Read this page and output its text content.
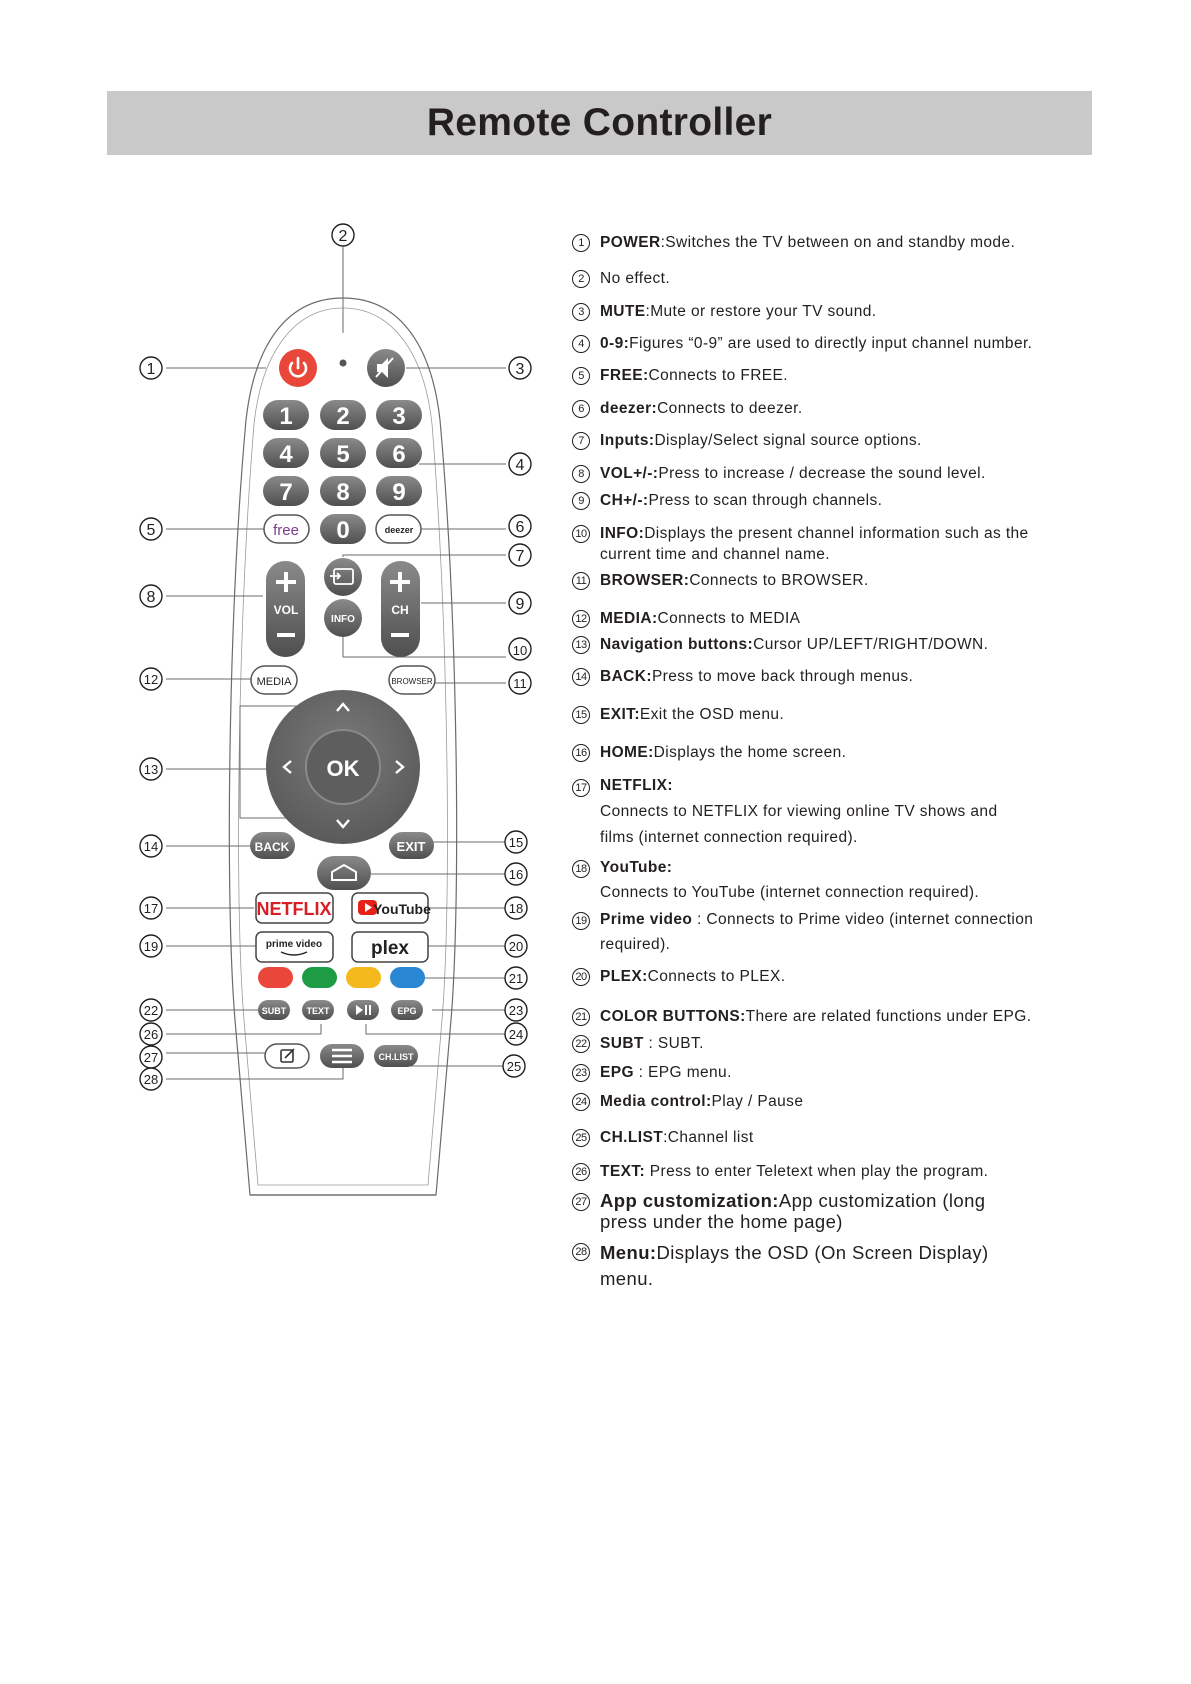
Remote Controller
2
1	3
4
5	6
7
8	9
10
12	11
13
14	15
16
17	18
19	20
21
22	23
26	24
27
25
28
1 2 3
4 5 6
7 8 9
0
free	deezer
VOL	CH
INFO
MEDIA	BROWSER
OK
BACK	EXIT
NETFLIX	YouTube
prime video	plex
SUBT TEXT	EPG
CH.LIST
1	POWER:Switches the TV between on and standby mode.
2	No effect.
3	MUTE:Mute or restore your TV sound.
4	0-9:Figures “0-9” are used to directly input channel number.
5	FREE:Connects to FREE.
6	deezer:Connects to deezer.
7	Inputs:Display/Select signal source options.
8	VOL+/-:Press to increase / decrease the sound level.
9	CH+/-:Press to scan through channels.
10 INFO:Displays the present channel information such as the current time and channel name.
11 BROWSER:Connects to BROWSER.
12 MEDIA:Connects to MEDIA
13 Navigation buttons:Cursor UP/LEFT/RIGHT/DOWN.
14 BACK:Press to move back through menus.
15 EXIT:Exit the OSD menu.
16 HOME:Displays the home screen.
17 NETFLIX:
Connects to NETFLIX for viewing online TV shows and films (internet connection required).
18 YouTube:
Connects to YouTube (internet connection required).
19 Prime video : Connects to Prime video (internet connection required).
20 PLEX:Connects to PLEX.
21 COLOR BUTTONS:There are related functions under EPG.
22 SUBT : SUBT.
23 EPG : EPG menu.
24 Media control:Play / Pause
25 CH.LIST:Channel list
26 TEXT: Press to enter Teletext when play the program.
27 App customization:App customization (long press under the home page)
28 Menu:Displays the OSD (On Screen Display) menu.
